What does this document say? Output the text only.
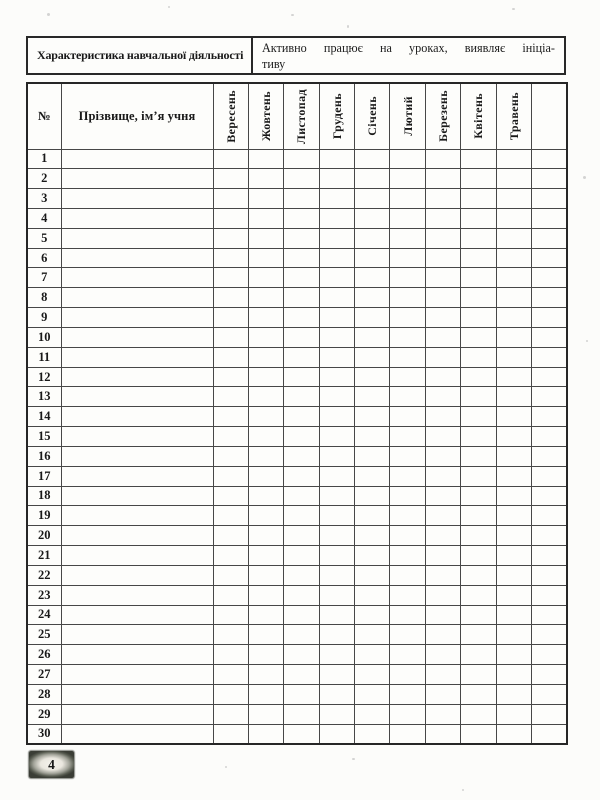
Характеристика навчальної діяльності	Активно працює на уроках, виявляє ініціа-
тиву
№	Прізвище, ім’я учня	Вересень	Жовтень	Листопад	Грудень	Січень	Лютий	Березень	Квітень	Травень	

1											
2											
3											
4											
5											
6											
7											
8											
9											
10											
11											
12											
13											
14											
15											
16											
17											
18											
19											
20											
21											
22											
23											
24											
25											
26											
27											
28											
29											
30											
4
